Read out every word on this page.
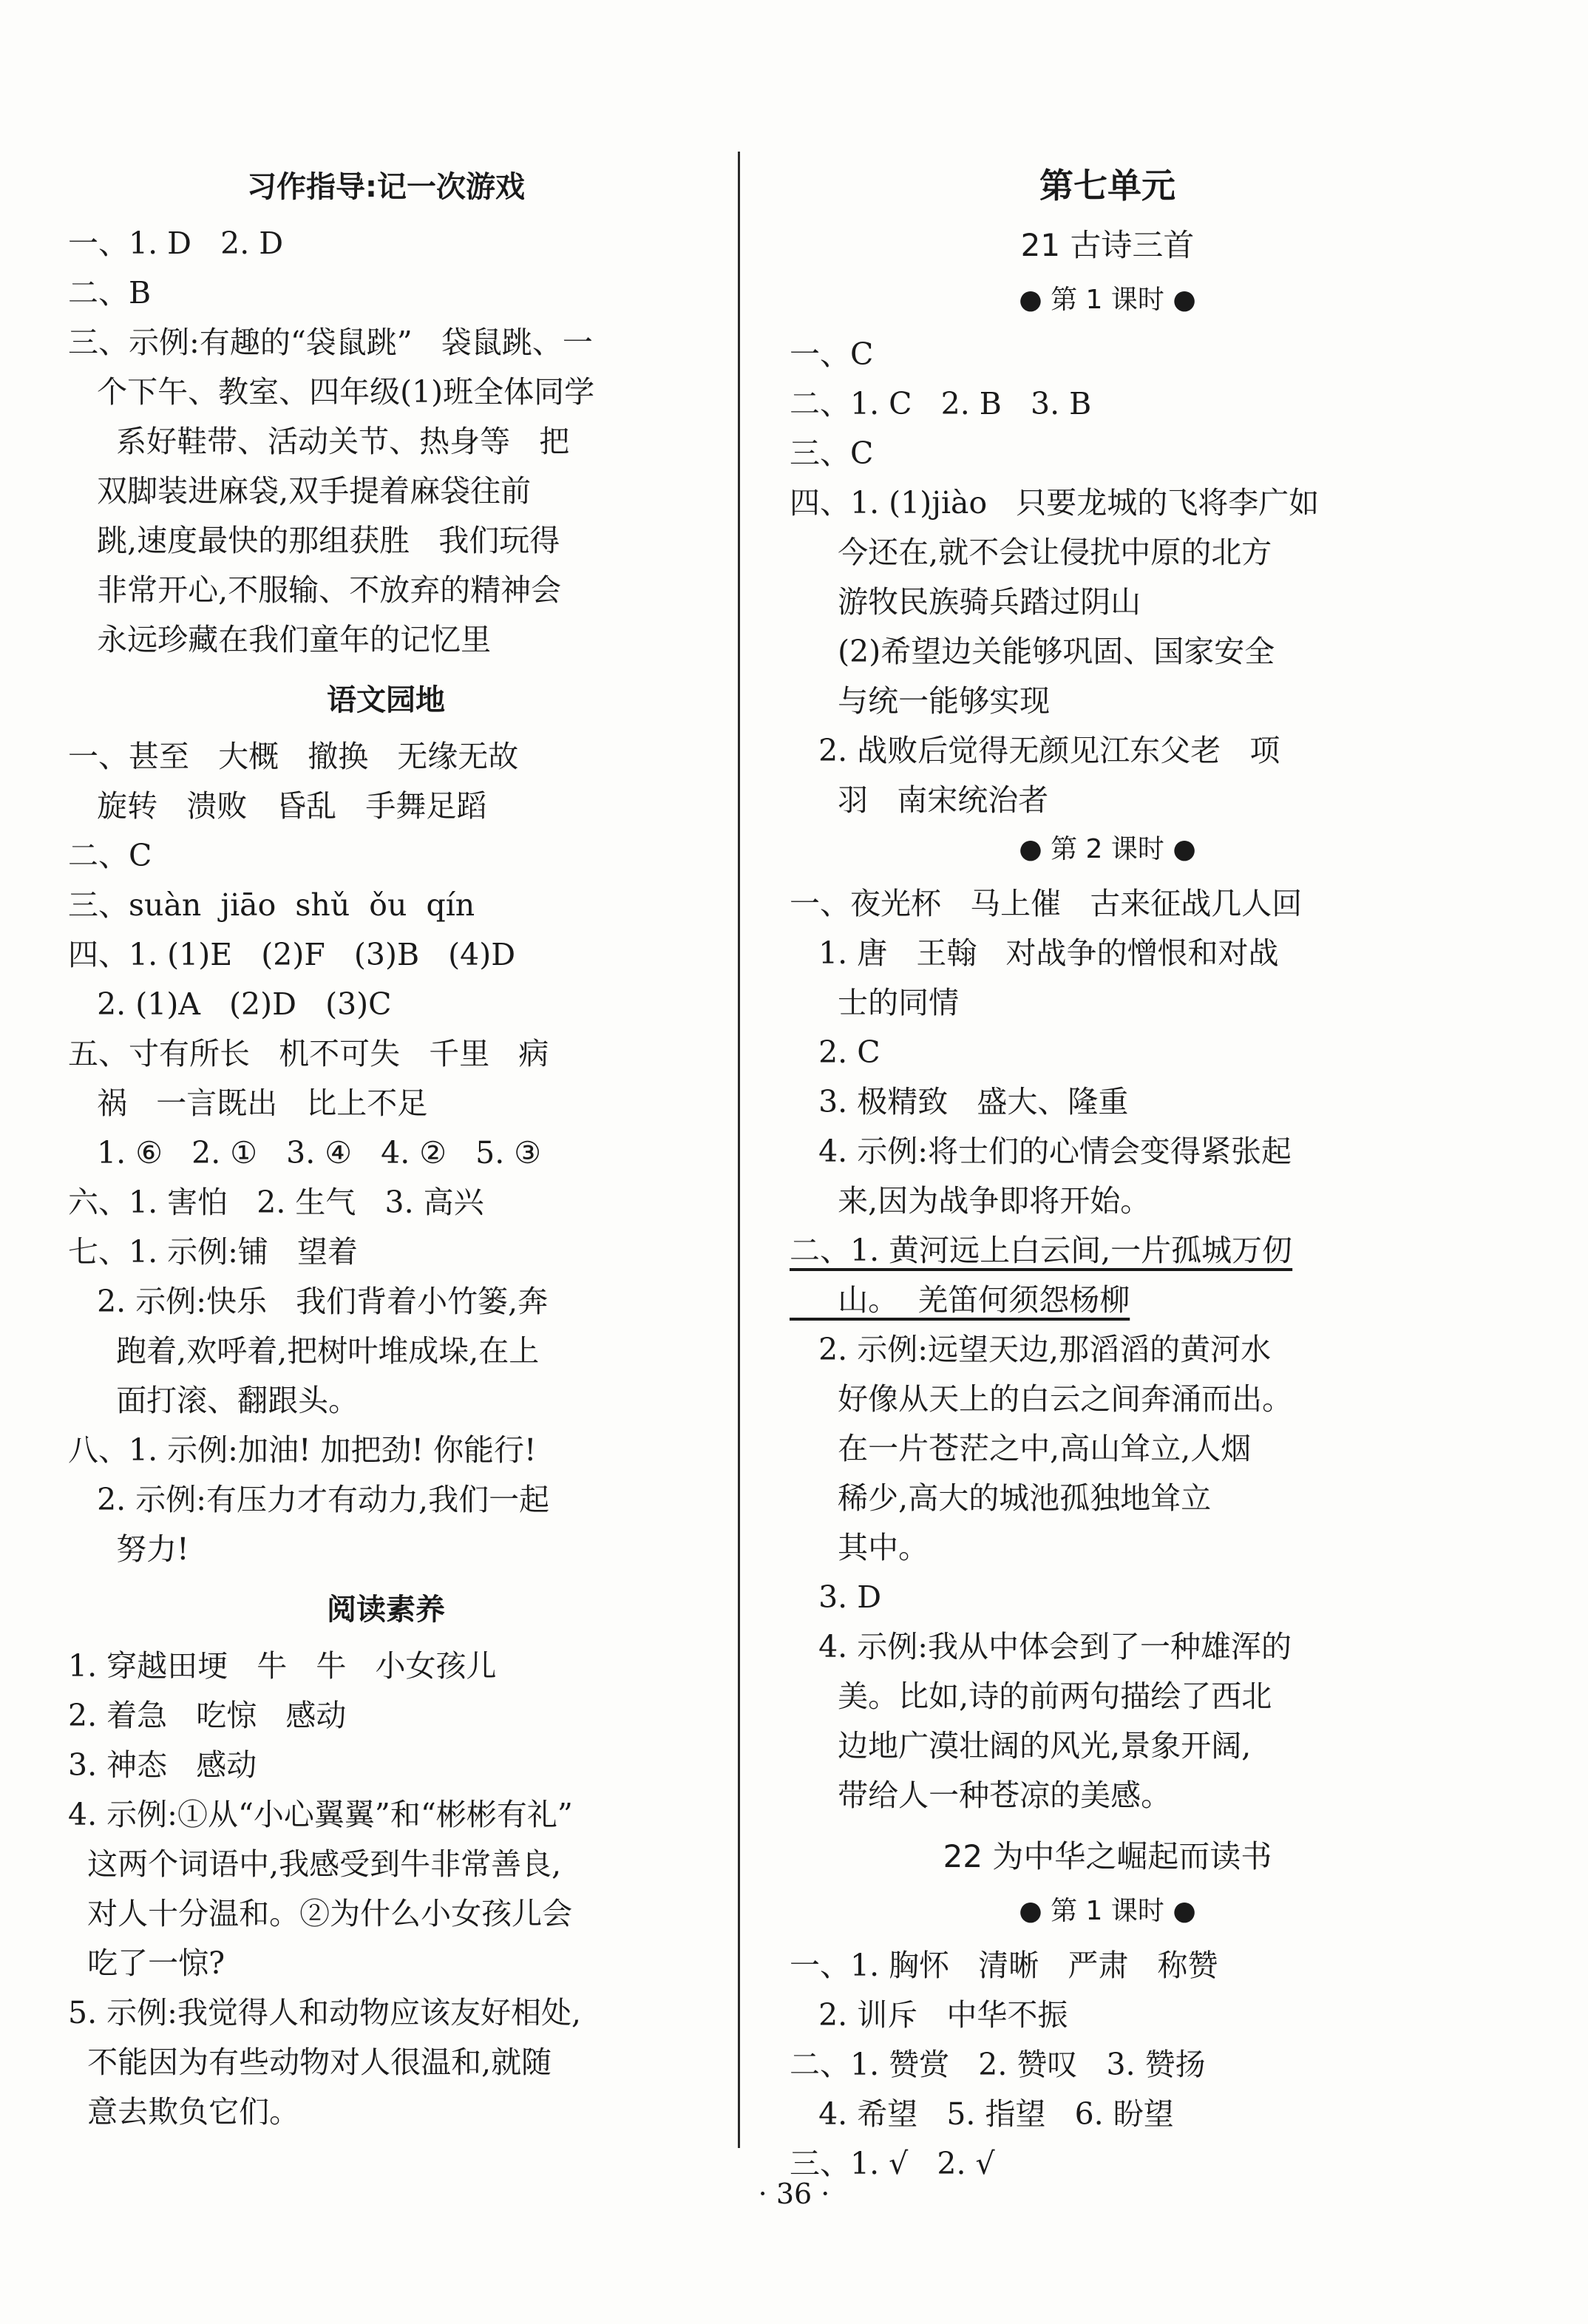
习作指导:记一次游戏
一、1. D   2. D
二、B
三、示例:有趣的“袋鼠跳”   袋鼠跳、一
个下午、教室、四年级(1)班全体同学
系好鞋带、活动关节、热身等   把
双脚装进麻袋,双手提着麻袋往前
跳,速度最快的那组获胜   我们玩得
非常开心,不服输、不放弃的精神会
永远珍藏在我们童年的记忆里
语文园地
一、甚至   大概   撤换   无缘无故
旋转   溃败   昏乱   手舞足蹈
二、C
三、suàn  jiāo  shǔ  ǒu  qín
四、1. (1)E   (2)F   (3)B   (4)D
2. (1)A   (2)D   (3)C
五、寸有所长   机不可失   千里   病
祸   一言既出   比上不足
1. ⑥   2. ①   3. ④   4. ②   5. ③
六、1. 害怕   2. 生气   3. 高兴
七、1. 示例:铺   望着
2. 示例:快乐   我们背着小竹篓,奔
跑着,欢呼着,把树叶堆成垛,在上
面打滚、翻跟头。
八、1. 示例:加油! 加把劲! 你能行!
2. 示例:有压力才有动力,我们一起
努力!
阅读素养
1. 穿越田埂   牛   牛   小女孩儿
2. 着急   吃惊   感动
3. 神态   感动
4. 示例:①从“小心翼翼”和“彬彬有礼”
这两个词语中,我感受到牛非常善良,
对人十分温和。②为什么小女孩儿会
吃了一惊?
5. 示例:我觉得人和动物应该友好相处,
不能因为有些动物对人很温和,就随
意去欺负它们。
第七单元
21 古诗三首
● 第 1 课时 ●
一、C
二、1. C   2. B   3. B
三、C
四、1. (1)jiào   只要龙城的飞将李广如
今还在,就不会让侵扰中原的北方
游牧民族骑兵踏过阴山
(2)希望边关能够巩固、国家安全
与统一能够实现
2. 战败后觉得无颜见江东父老   项
羽   南宋统治者
● 第 2 课时 ●
一、夜光杯   马上催   古来征战几人回
1. 唐   王翰   对战争的憎恨和对战
士的同情
2. C
3. 极精致   盛大、隆重
4. 示例:将士们的心情会变得紧张起
来,因为战争即将开始。
二、1. 黄河远上白云间,一片孤城万仞
山。  羌笛何须怨杨柳
2. 示例:远望天边,那滔滔的黄河水
好像从天上的白云之间奔涌而出。
在一片苍茫之中,高山耸立,人烟
稀少,高大的城池孤独地耸立
其中。
3. D
4. 示例:我从中体会到了一种雄浑的
美。比如,诗的前两句描绘了西北
边地广漠壮阔的风光,景象开阔,
带给人一种苍凉的美感。
22 为中华之崛起而读书
● 第 1 课时 ●
一、1. 胸怀   清晰   严肃   称赞
2. 训斥   中华不振
二、1. 赞赏   2. 赞叹   3. 赞扬
4. 希望   5. 指望   6. 盼望
三、1. √   2. √
· 36 ·
